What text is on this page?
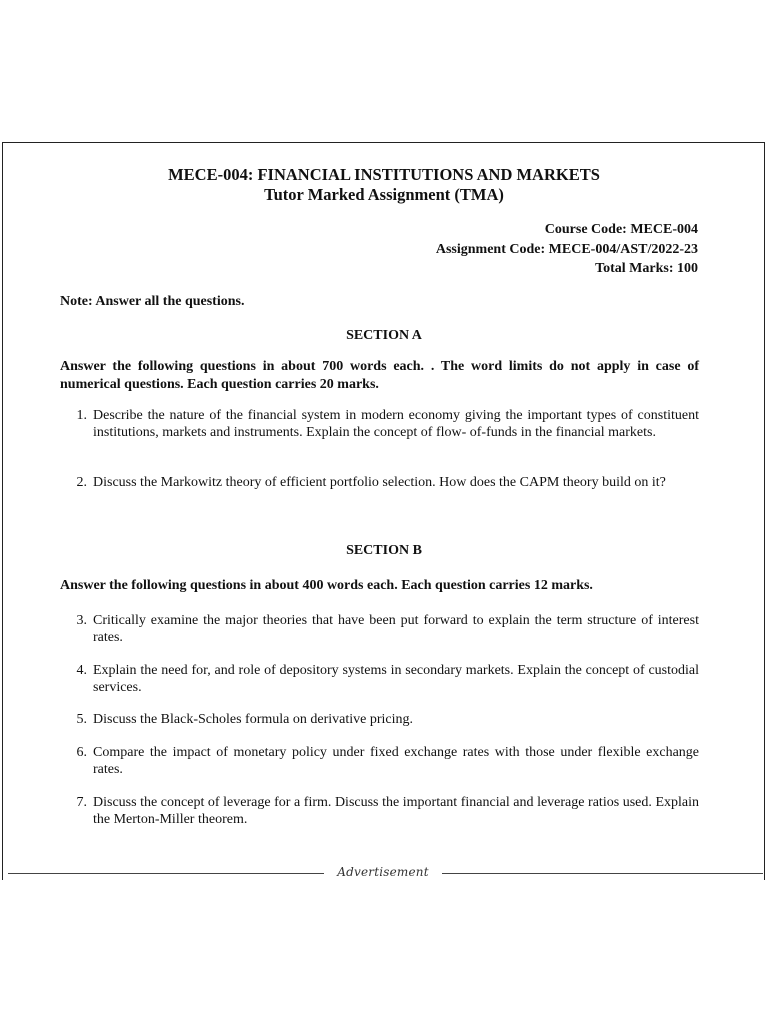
MECE-004: FINANCIAL INSTITUTIONS AND MARKETS
Tutor Marked Assignment (TMA)
Course Code: MECE-004
Assignment Code: MECE-004/AST/2022-23
Total Marks: 100
Note: Answer all the questions.
SECTION A
Answer the following questions in about 700 words each. . The word limits do not apply in case of numerical questions. Each question carries 20 marks.
1. Describe the nature of the financial system in modern economy giving the important types of constituent institutions, markets and instruments. Explain the concept of flow- of-funds in the financial markets.
2. Discuss the Markowitz theory of efficient portfolio selection. How does the CAPM theory build on it?
SECTION B
Answer the following questions in about 400 words each. Each question carries 12 marks.
3. Critically examine the major theories that have been put forward to explain the term structure of interest rates.
4. Explain the need for, and role of depository systems in secondary markets. Explain the concept of custodial services.
5. Discuss the Black-Scholes formula on derivative pricing.
6. Compare the impact of monetary policy under fixed exchange rates with those under flexible exchange rates.
7. Discuss the concept of leverage for a firm. Discuss the important financial and leverage ratios used. Explain the Merton-Miller theorem.
Advertisement
